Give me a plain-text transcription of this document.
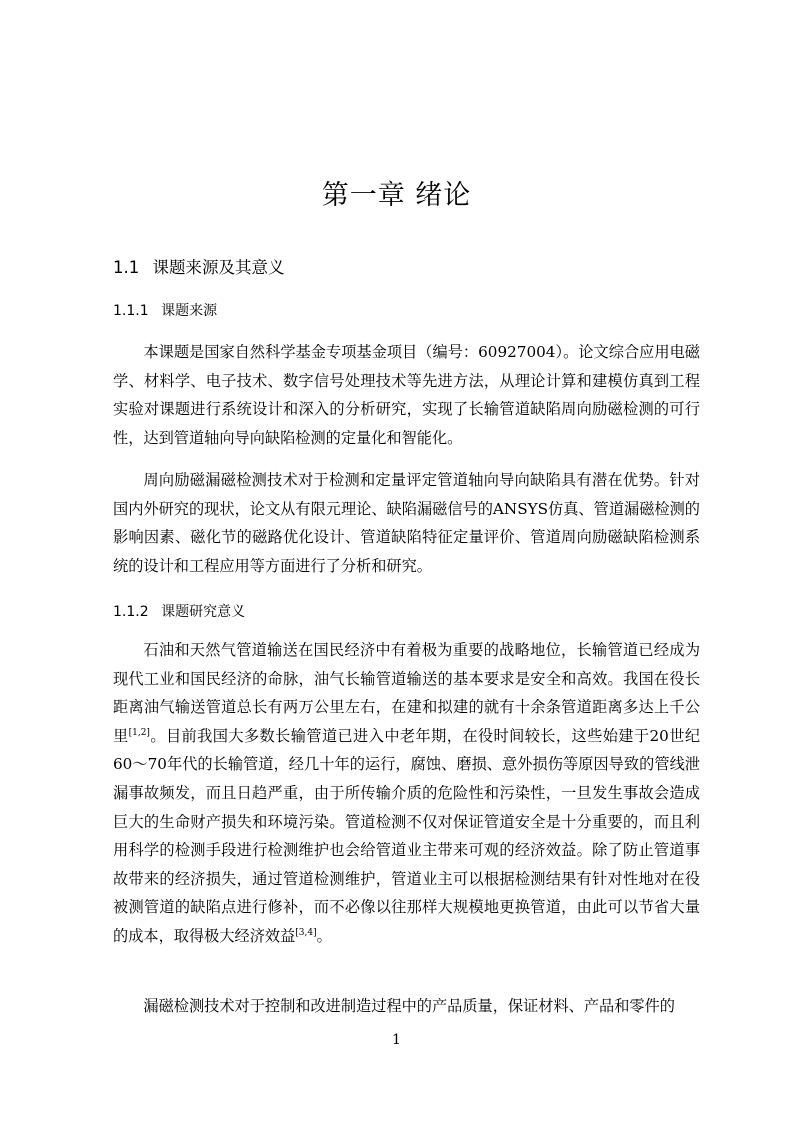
第一章 绪论
1.1 课题来源及其意义
1.1.1 课题来源

本课题是国家自然科学基金专项基金项目（编号：60927004）。论文综合应用电磁学、材料学、电子技术、数字信号处理技术等先进方法，从理论计算和建模仿真到工程实验对课题进行系统设计和深入的分析研究，实现了长输管道缺陷周向励磁检测的可行性，达到管道轴向导向缺陷检测的定量化和智能化。

周向励磁漏磁检测技术对于检测和定量评定管道轴向导向缺陷具有潜在优势。针对国内外研究的现状，论文从有限元理论、缺陷漏磁信号的ANSYS仿真、管道漏磁检测的影响因素、磁化节的磁路优化设计、管道缺陷特征定量评价、管道周向励磁缺陷检测系统的设计和工程应用等方面进行了分析和研究。

1.1.2 课题研究意义

石油和天然气管道输送在国民经济中有着极为重要的战略地位，长输管道已经成为现代工业和国民经济的命脉，油气长输管道输送的基本要求是安全和高效。我国在役长距离油气输送管道总长有两万公里左右，在建和拟建的就有十余条管道距离多达上千公里[1,2]。目前我国大多数长输管道已进入中老年期，在役时间较长，这些始建于20世纪60～70年代的长输管道，经几十年的运行，腐蚀、磨损、意外损伤等原因导致的管线泄漏事故频发，而且日趋严重，由于所传输介质的危险性和污染性，一旦发生事故会造成巨大的生命财产损失和环境污染。管道检测不仅对保证管道安全是十分重要的，而且利用科学的检测手段进行检测维护也会给管道业主带来可观的经济效益。除了防止管道事故带来的经济损失，通过管道检测维护，管道业主可以根据检测结果有针对性地对在役被测管道的缺陷点进行修补，而不必像以往那样大规模地更换管道，由此可以节省大量的成本，取得极大经济效益[3,4]。

漏磁检测技术对于控制和改进制造过程中的产品质量，保证材料、产品和零件的

1
